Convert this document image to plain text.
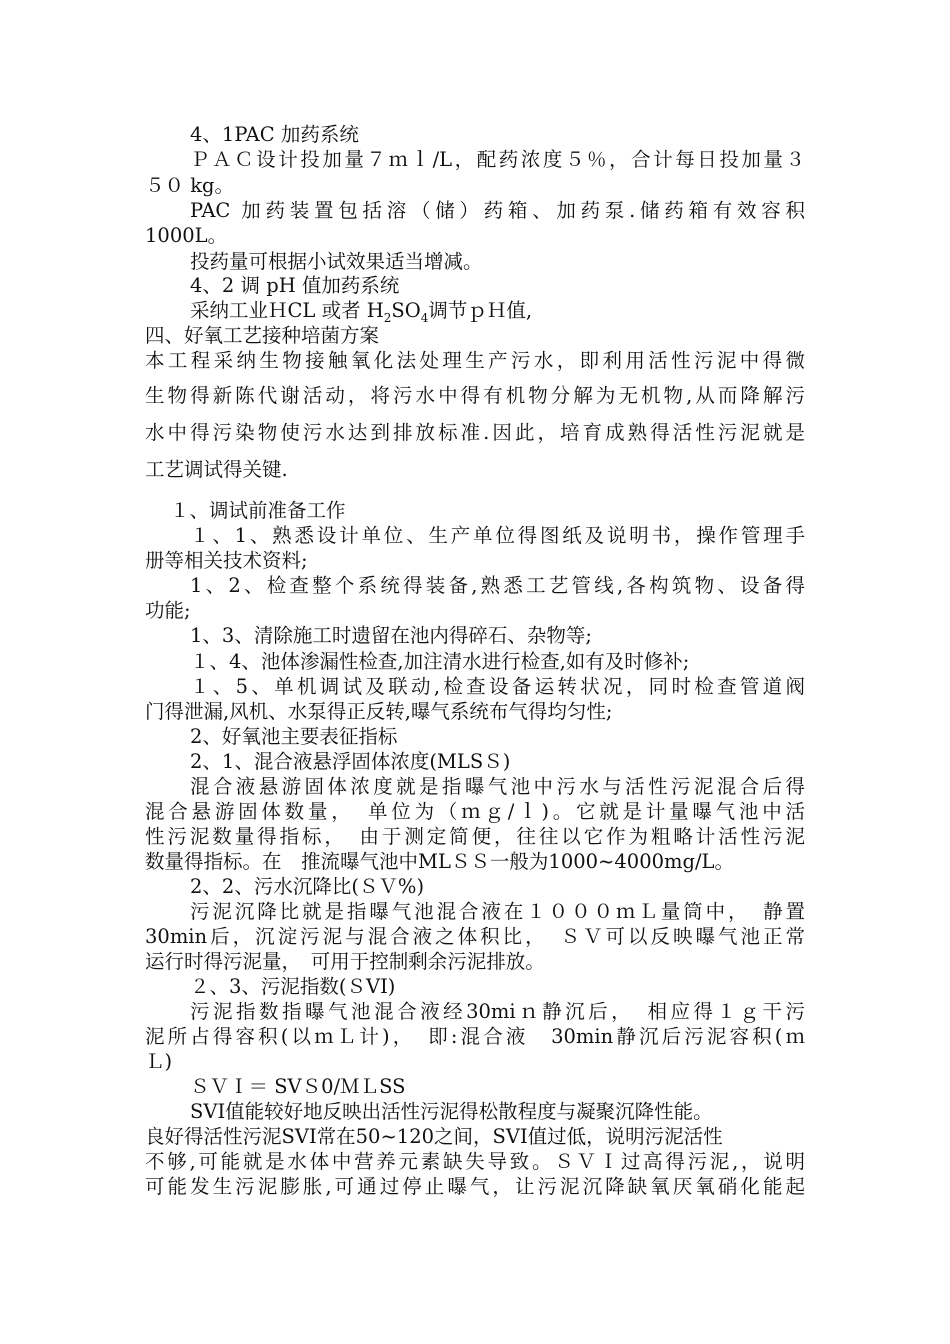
4、1PAC 加药系统
ＰＡＣ设计投加量７ｍｌ/L，配药浓度５％，合计每日投加量３
５０ kg。
PAC 加药装置包括溶（储）药箱、加药泵.储药箱有效容积
1000L。
投药量可根据小试效果适当增减。
4、2 调 pH 值加药系统
采纳工业ＨCL 或者 $H_2SO_4$调节ｐＨ值,
四、好氧工艺接种培菌方案
本工程采纳生物接触氧化法处理生产污水，即利用活性污泥中得微
生物得新陈代谢活动，将污水中得有机物分解为无机物,从而降解污
水中得污染物使污水达到排放标准.因此，培育成熟得活性污泥就是
工艺调试得关键.
１、调试前准备工作
１、1、熟悉设计单位、生产单位得图纸及说明书，操作管理手
册等相关技术资料;
1、2、检查整个系统得装备,熟悉工艺管线,各构筑物、设备得
功能;
1、3、清除施工时遗留在池内得碎石、杂物等;
１、4、池体渗漏性检查,加注清水进行检查,如有及时修补;
１、5、单机调试及联动,检查设备运转状况，同时检查管道阀
门得泄漏,风机、水泵得正反转,曝气系统布气得均匀性;
2、好氧池主要表征指标
2、1、混合液悬浮固体浓度(MLSＳ)
混合液悬游固体浓度就是指曝气池中污水与活性污泥混合后得
混合悬游固体数量，　单位为（ｍｇ/ｌ)。它就是计量曝气池中活
性污泥数量得指标，　由于测定简便，往往以它作为粗略计活性污泥
数量得指标。在　推流曝气池中MLＳＳ一般为1000~4000mg/L。
2、2、污水沉降比(ＳＶ%)
污泥沉降比就是指曝气池混合液在１０００ｍＬ量筒中，　静置
30min后，沉淀污泥与混合液之体积比，　ＳＶ可以反映曝气池正常
运行时得污泥量，　可用于控制剩余污泥排放。
２、3、污泥指数(ＳVI)
污泥指数指曝气池混合液经30miｎ静沉后，　相应得１ｇ干污
泥所占得容积(以ｍＬ计)，　即:混合液　30min静沉后污泥容积(ｍ
Ｌ)
ＳＶＩ＝ SVＳ0/ＭＬSS
SVI值能较好地反映出活性污泥得松散程度与凝聚沉降性能。
良好得活性污泥SVI常在50~120之间，SVI值过低，说明污泥活性
不够,可能就是水体中营养元素缺失导致。ＳＶＩ过高得污泥,，说明
可能发生污泥膨胀,可通过停止曝气，让污泥沉降缺氧厌氧硝化能起
